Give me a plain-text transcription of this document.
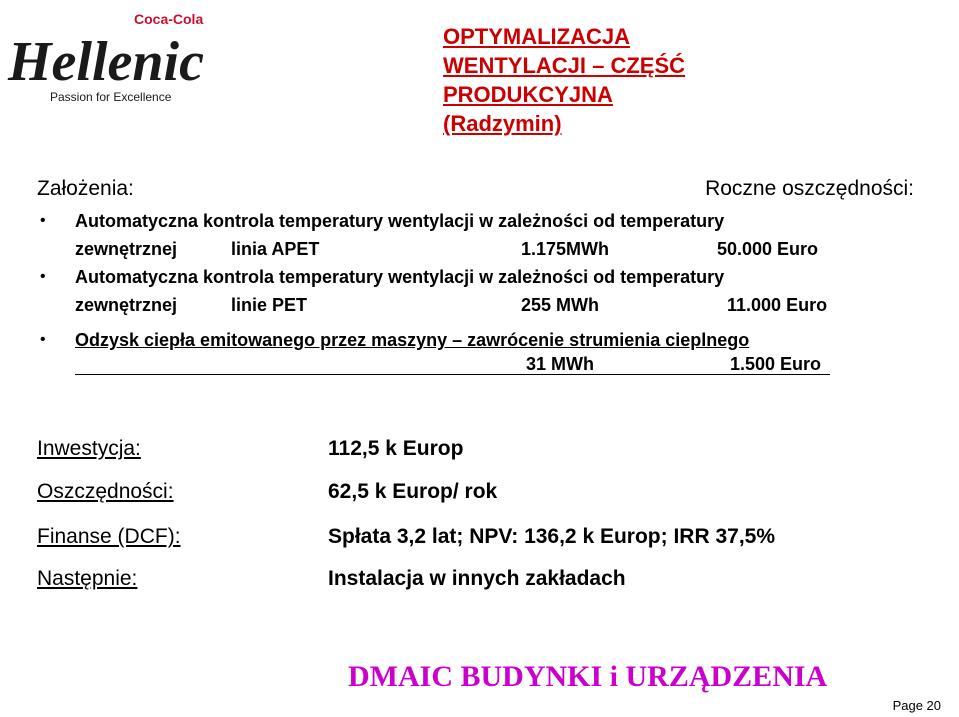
Coca-Cola
Hellenic
Passion for Excellence
OPTYMALIZACJA
WENTYLACJI – CZĘŚĆ
PRODUKCYJNA
(Radzymin)
Założenia:	Roczne oszczędności:
• Automatyczna kontrola temperatury wentylacji w zależności od temperatury
zewnętrznej	linia APET	1.175MWh	50.000 Euro
• Automatyczna kontrola temperatury wentylacji w zależności od temperatury
zewnętrznej	linie PET	255 MWh	11.000 Euro
• Odzysk ciepła emitowanego przez maszyny – zawrócenie strumienia cieplnego
31 MWh	1.500 Euro
Inwestycja:	112,5 k Europ
Oszczędności:	62,5 k Europ/ rok
Finanse (DCF):	Spłata 3,2 lat; NPV: 136,2 k Europ; IRR 37,5%
Następnie:	Instalacja w innych zakładach
DMAIC BUDYNKI i URZĄDZENIA
Page 20
